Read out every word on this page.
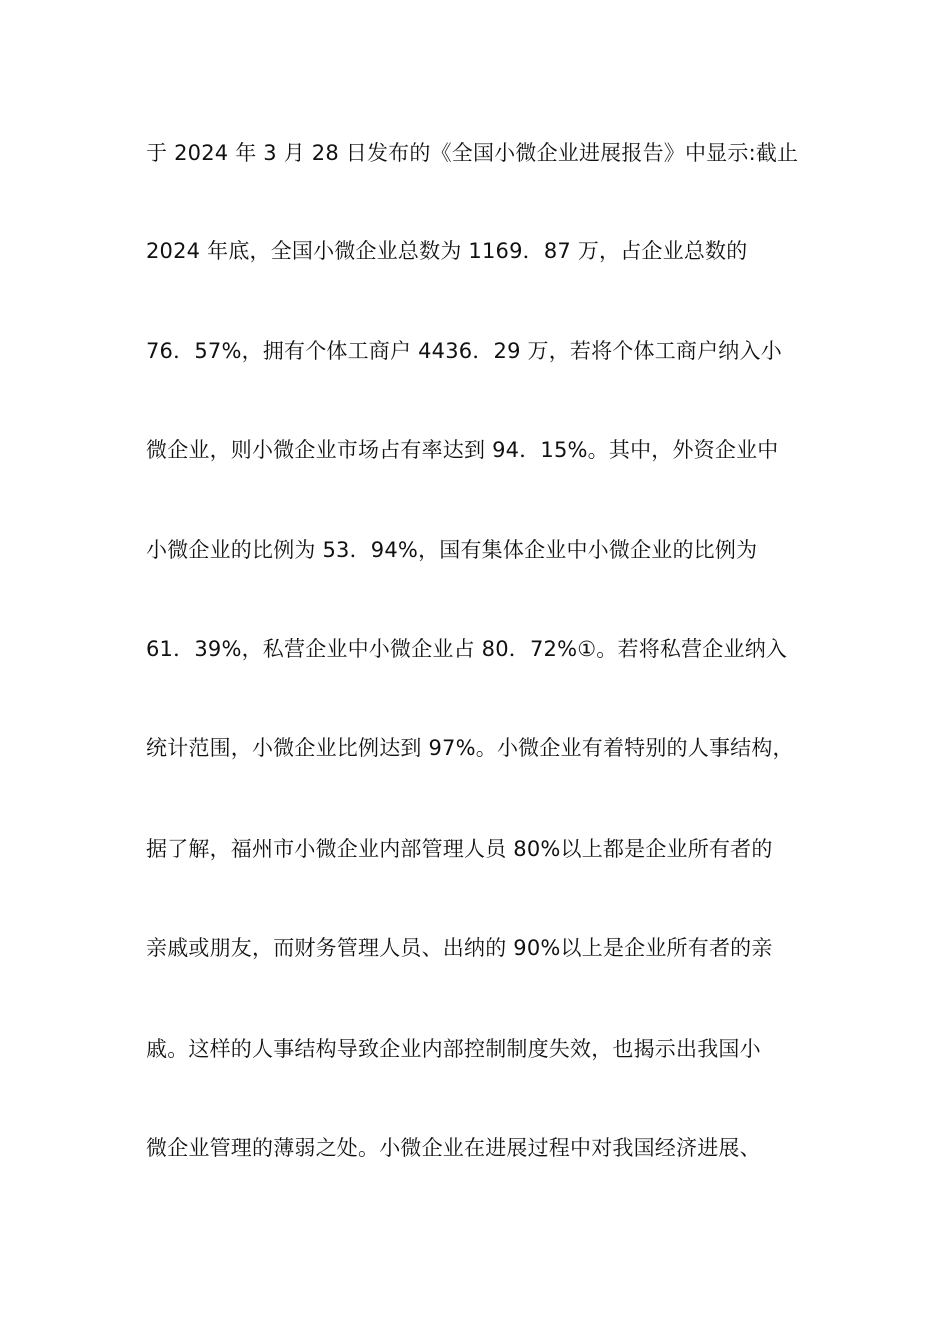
于 2024 年 3 月 28 日发布的《全国小微企业进展报告》中显示:截止
2024 年底，全国小微企业总数为 1169．87 万，占企业总数的
76．57%，拥有个体工商户 4436．29 万，若将个体工商户纳入小
微企业，则小微企业市场占有率达到 94．15%。其中，外资企业中
小微企业的比例为 53．94%，国有集体企业中小微企业的比例为
61．39%，私营企业中小微企业占 80．72%①。若将私营企业纳入
统计范围，小微企业比例达到 97%。小微企业有着特别的人事结构，
据了解，福州市小微企业内部管理人员 80%以上都是企业所有者的
亲戚或朋友，而财务管理人员、出纳的 90%以上是企业所有者的亲
戚。这样的人事结构导致企业内部控制制度失效，也揭示出我国小
微企业管理的薄弱之处。小微企业在进展过程中对我国经济进展、
